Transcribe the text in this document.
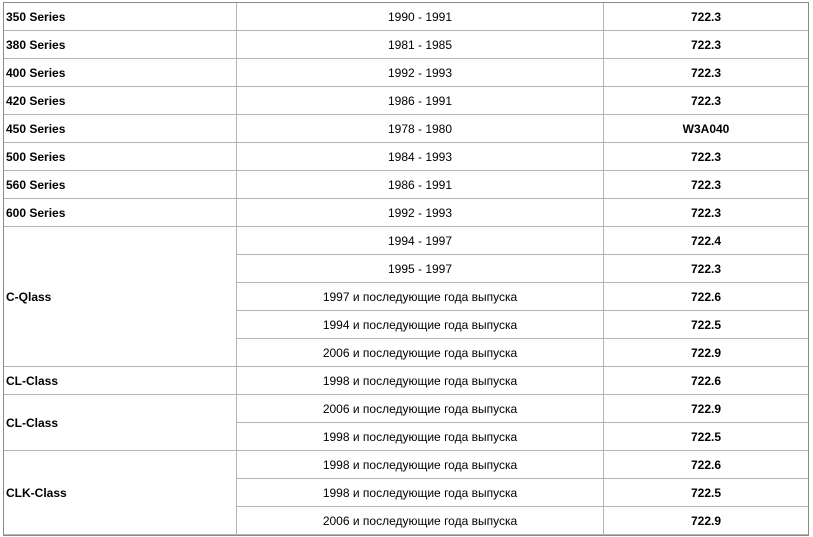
350 Series	1990 - 1991	722.3
380 Series	1981 - 1985	722.3
400 Series	1992 - 1993	722.3
420 Series	1986 - 1991	722.3
450 Series	1978 - 1980	W3A040
500 Series	1984 - 1993	722.3
560 Series	1986 - 1991	722.3
600 Series	1992 - 1993	722.3
C-Qlass	1994 - 1997	722.4
	1995 - 1997	722.3
	1997 и последующие года выпуска	722.6
	1994 и последующие года выпуска	722.5
	2006 и последующие года выпуска	722.9
CL-Class	1998 и последующие года выпуска	722.6
CL-Class	2006 и последующие года выпуска	722.9
	1998 и последующие года выпуска	722.5
CLK-Class	1998 и последующие года выпуска	722.6
	1998 и последующие года выпуска	722.5
	2006 и последующие года выпуска	722.9
